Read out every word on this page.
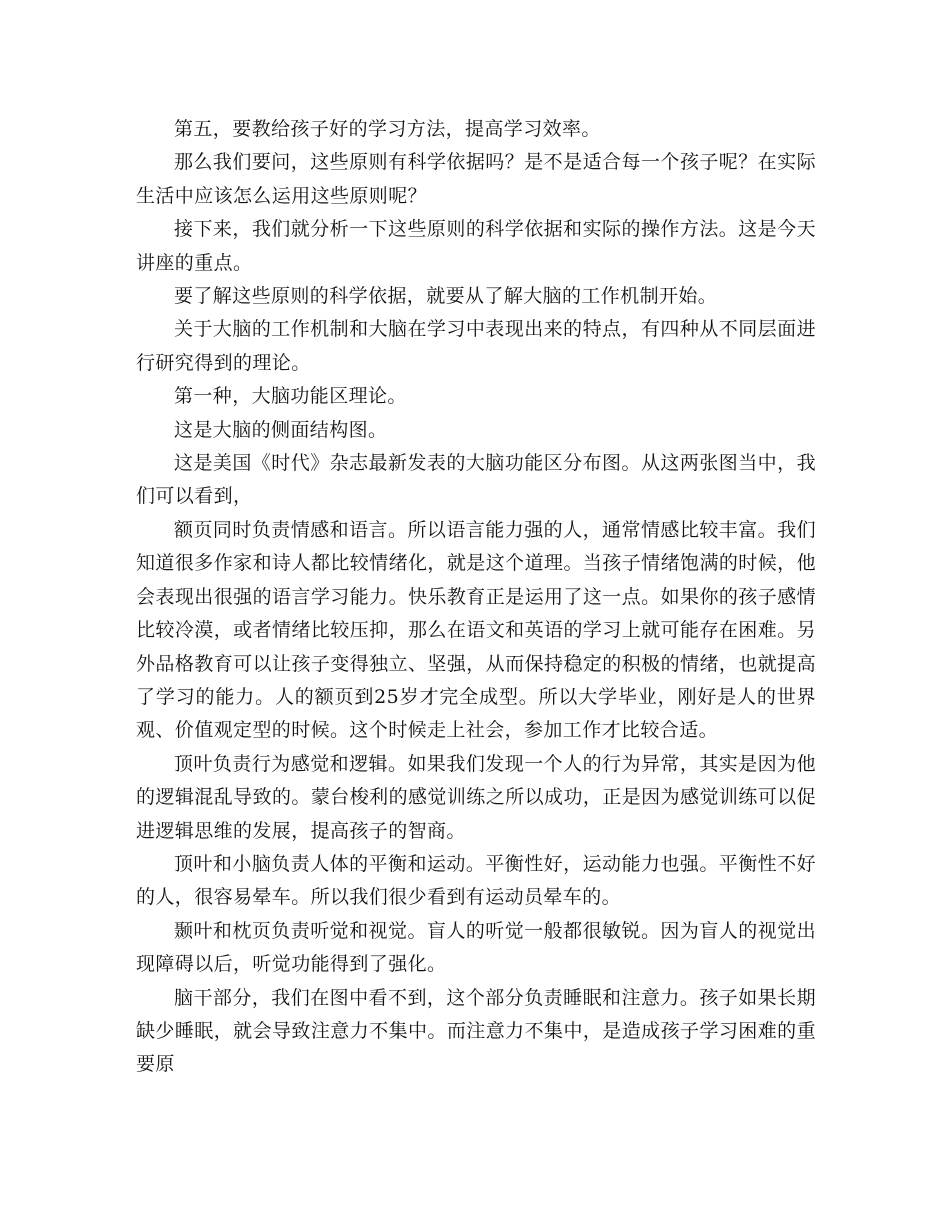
第五，要教给孩子好的学习方法，提高学习效率。

那么我们要问，这些原则有科学依据吗？是不是适合每一个孩子呢？在实际生活中应该怎么运用这些原则呢？

接下来，我们就分析一下这些原则的科学依据和实际的操作方法。这是今天讲座的重点。

要了解这些原则的科学依据，就要从了解大脑的工作机制开始。

关于大脑的工作机制和大脑在学习中表现出来的特点，有四种从不同层面进行研究得到的理论。

第一种，大脑功能区理论。

这是大脑的侧面结构图。

这是美国《时代》杂志最新发表的大脑功能区分布图。从这两张图当中，我们可以看到，

额页同时负责情感和语言。所以语言能力强的人，通常情感比较丰富。我们知道很多作家和诗人都比较情绪化，就是这个道理。当孩子情绪饱满的时候，他会表现出很强的语言学习能力。快乐教育正是运用了这一点。如果你的孩子感情比较冷漠，或者情绪比较压抑，那么在语文和英语的学习上就可能存在困难。另外品格教育可以让孩子变得独立、坚强，从而保持稳定的积极的情绪，也就提高了学习的能力。人的额页到25岁才完全成型。所以大学毕业，刚好是人的世界观、价值观定型的时候。这个时候走上社会，参加工作才比较合适。

顶叶负责行为感觉和逻辑。如果我们发现一个人的行为异常，其实是因为他的逻辑混乱导致的。蒙台梭利的感觉训练之所以成功，正是因为感觉训练可以促进逻辑思维的发展，提高孩子的智商。

顶叶和小脑负责人体的平衡和运动。平衡性好，运动能力也强。平衡性不好的人，很容易晕车。所以我们很少看到有运动员晕车的。

颞叶和枕页负责听觉和视觉。盲人的听觉一般都很敏锐。因为盲人的视觉出现障碍以后，听觉功能得到了强化。

脑干部分，我们在图中看不到，这个部分负责睡眠和注意力。孩子如果长期缺少睡眠，就会导致注意力不集中。而注意力不集中，是造成孩子学习困难的重要原
